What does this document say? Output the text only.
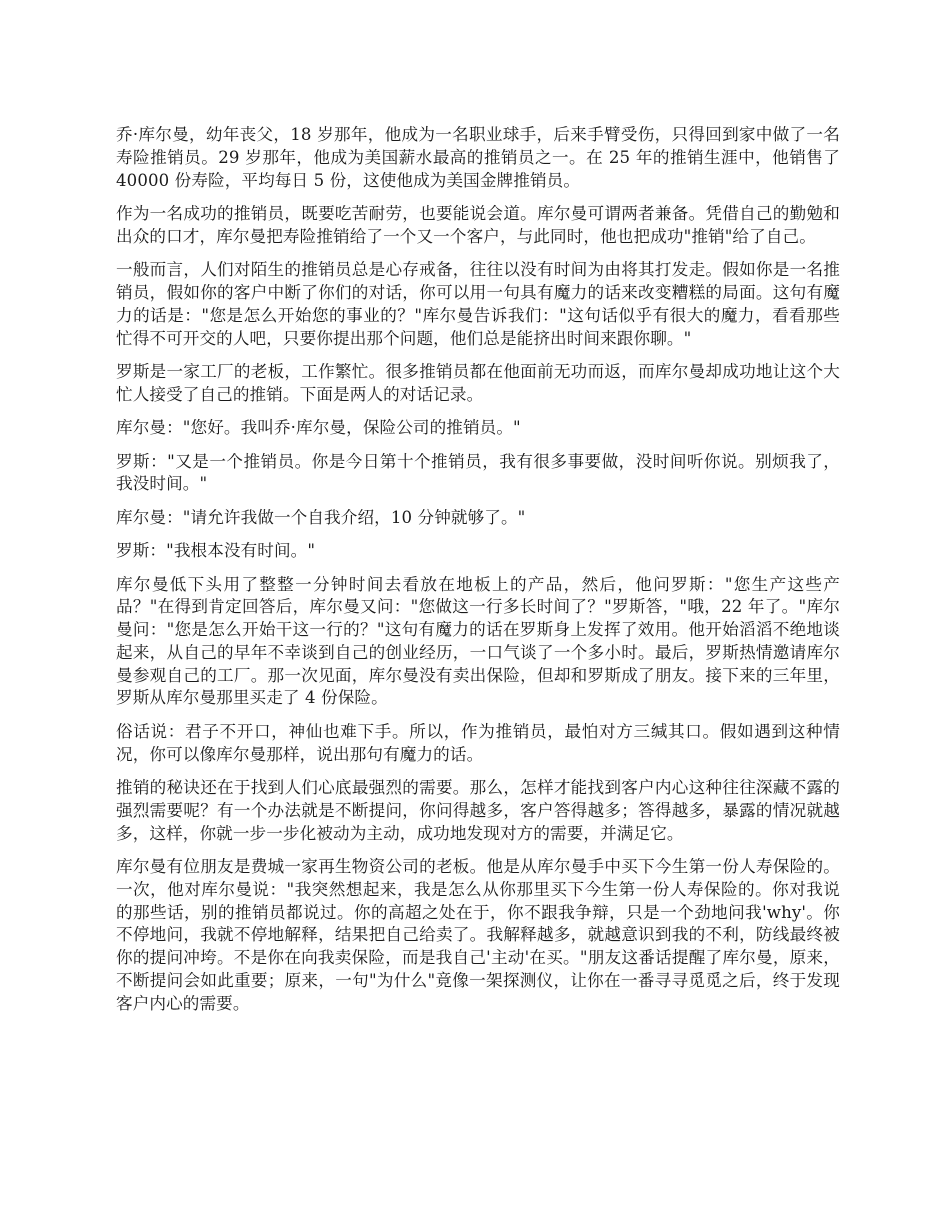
乔·库尔曼，幼年丧父，18 岁那年，他成为一名职业球手，后来手臂受伤，只得回到家中做了一名寿险推销员。29 岁那年，他成为美国薪水最高的推销员之一。在 25 年的推销生涯中，他销售了 40000 份寿险，平均每日 5 份，这使他成为美国金牌推销员。

作为一名成功的推销员，既要吃苦耐劳，也要能说会道。库尔曼可谓两者兼备。凭借自己的勤勉和出众的口才，库尔曼把寿险推销给了一个又一个客户，与此同时，他也把成功"推销"给了自己。

一般而言，人们对陌生的推销员总是心存戒备，往往以没有时间为由将其打发走。假如你是一名推销员，假如你的客户中断了你们的对话，你可以用一句具有魔力的话来改变糟糕的局面。这句有魔力的话是："您是怎么开始您的事业的？"库尔曼告诉我们："这句话似乎有很大的魔力，看看那些忙得不可开交的人吧，只要你提出那个问题，他们总是能挤出时间来跟你聊。"

罗斯是一家工厂的老板，工作繁忙。很多推销员都在他面前无功而返，而库尔曼却成功地让这个大忙人接受了自己的推销。下面是两人的对话记录。

库尔曼："您好。我叫乔·库尔曼，保险公司的推销员。"

罗斯："又是一个推销员。你是今日第十个推销员，我有很多事要做，没时间听你说。别烦我了，我没时间。"

库尔曼："请允许我做一个自我介绍，10 分钟就够了。"

罗斯："我根本没有时间。"

库尔曼低下头用了整整一分钟时间去看放在地板上的产品，然后，他问罗斯："您生产这些产品？"在得到肯定回答后，库尔曼又问："您做这一行多长时间了？"罗斯答，"哦，22 年了。"库尔曼问："您是怎么开始干这一行的？"这句有魔力的话在罗斯身上发挥了效用。他开始滔滔不绝地谈起来，从自己的早年不幸谈到自己的创业经历，一口气谈了一个多小时。最后，罗斯热情邀请库尔曼参观自己的工厂。那一次见面，库尔曼没有卖出保险，但却和罗斯成了朋友。接下来的三年里，罗斯从库尔曼那里买走了 4 份保险。

俗话说：君子不开口，神仙也难下手。所以，作为推销员，最怕对方三缄其口。假如遇到这种情况，你可以像库尔曼那样，说出那句有魔力的话。

推销的秘诀还在于找到人们心底最强烈的需要。那么，怎样才能找到客户内心这种往往深藏不露的强烈需要呢？有一个办法就是不断提问，你问得越多，客户答得越多；答得越多，暴露的情况就越多，这样，你就一步一步化被动为主动，成功地发现对方的需要，并满足它。

库尔曼有位朋友是费城一家再生物资公司的老板。他是从库尔曼手中买下今生第一份人寿保险的。一次，他对库尔曼说："我突然想起来，我是怎么从你那里买下今生第一份人寿保险的。你对我说的那些话，别的推销员都说过。你的高超之处在于，你不跟我争辩，只是一个劲地问我'why'。你不停地问，我就不停地解释，结果把自己给卖了。我解释越多，就越意识到我的不利，防线最终被你的提问冲垮。不是你在向我卖保险，而是我自己'主动'在买。"朋友这番话提醒了库尔曼，原来，不断提问会如此重要；原来，一句"为什么"竟像一架探测仪，让你在一番寻寻觅觅之后，终于发现客户内心的需要。
